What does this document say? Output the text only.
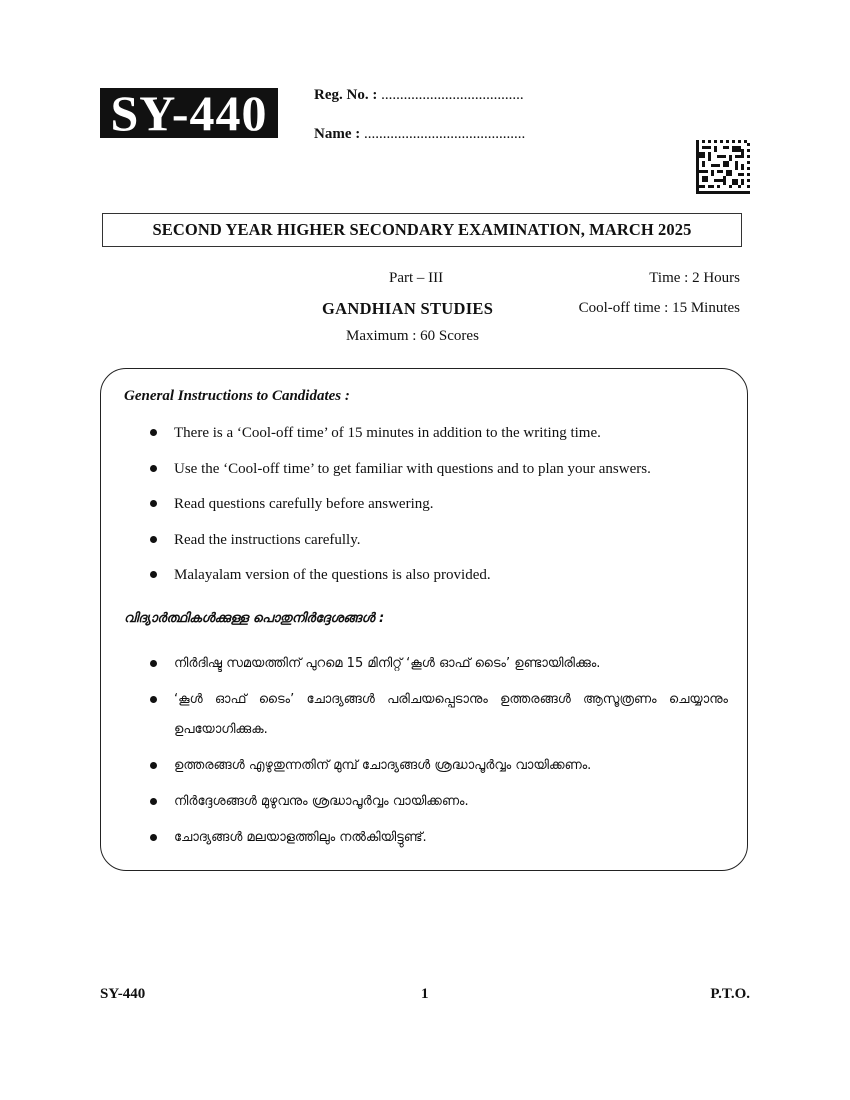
SY-440	Reg. No. : ......................................
Name : ...........................................
SECOND YEAR HIGHER SECONDARY EXAMINATION, MARCH 2025
Part – III	Time : 2 Hours
GANDHIAN STUDIES	Cool-off time : 15 Minutes
Maximum : 60 Scores
General Instructions to Candidates :
There is a ‘Cool-off time’ of 15 minutes in addition to the writing time.
Use the ‘Cool-off time’ to get familiar with questions and to plan your answers.
Read questions carefully before answering.
Read the instructions carefully.
Malayalam version of the questions is also provided.
വിദ്യാർത്ഥികൾക്കുള്ള പൊതുനിർദ്ദേശങ്ങൾ :
നിർദിഷ്ട സമയത്തിന് പുറമെ 15 മിനിറ്റ് ‘കൂൾ ഓഫ് ടൈം’ ഉണ്ടായിരിക്കും.
‘കൂൾ ഓഫ് ടൈം’ ചോദ്യങ്ങൾ പരിചയപ്പെടാനും ഉത്തരങ്ങൾ ആസൂത്രണം ചെയ്യാനും ഉപയോഗിക്കുക.
ഉത്തരങ്ങൾ എഴുതുന്നതിന് മുമ്പ് ചോദ്യങ്ങൾ ശ്രദ്ധാപൂർവ്വം വായിക്കണം.
നിർദ്ദേശങ്ങൾ മുഴുവനും ശ്രദ്ധാപൂർവ്വം വായിക്കണം.
ചോദ്യങ്ങൾ മലയാളത്തിലും നൽകിയിട്ടുണ്ട്.
SY-440	1	P.T.O.
